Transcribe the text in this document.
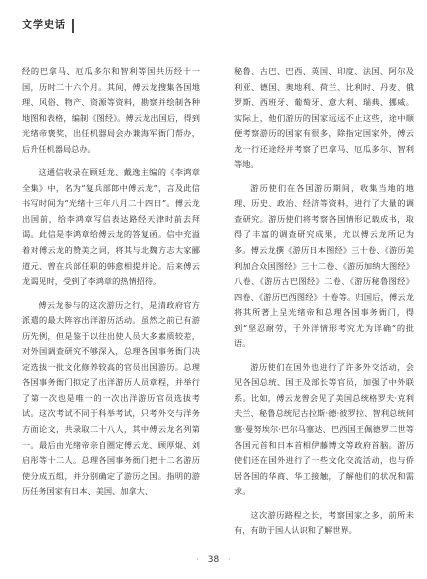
文学史话

经的巴拿马、厄瓜多尔和智利等国共历经十一国，历时二十六个月。其间，傅云龙搜集各国地理、风俗、物产、资源等资料，勘察并绘制各种地图和表格，编制《图经》。傅云龙出国后，得到光绪帝褒奖，出任机器局会办兼海军衙门帮办，后升任机器局总办。

这通信收录在顾廷龙、戴逸主编的《李鸿章全集》中，名为“复兵部郎中傅云龙”，言及此信书写时间为“光绪十三年八月二十四日”。傅云龙出国前，给李鸿章写信表达路经天津时前去拜谒。此信是李鸿章给傅云龙的答复函。信中充溢着对傅云龙的赞美之词，将其与北魏方志大家郦道元、曾在兵部任职的韩愈相提并论。后来傅云龙谒见时，受到了李鸿章的热情招待。

傅云龙参与的这次游历之行，是清政府官方派遣的最大阵容出洋游历活动。虽然之前已有游历先例，但是鉴于以往出使人员大多素质较差，对外国调查研究不够深入，总理各国事务衙门决定选拔一批文化修养较高的官员出国游历。总理各国事务衙门拟定了出洋游历人员章程，并举行了第一次也是唯一的一次出洋游历官员选拔考试。这次考试不同于科举考试，只考外交与洋务方面论文，共录取二十八人，其中傅云龙名列第一。最后由光绪帝亲自圈定傅云龙、顾厚焜、刘启彤等十二人。总理各国事务衙门把十二名游历使分成五组，并分别确定了游历之国。指明的游历任务国家有日本、美国、加拿大、

秘鲁、古巴、巴西、英国、印度、法国、阿尔及利亚、德国、奥地利、荷兰、比利时、丹麦、俄罗斯、西班牙、葡萄牙、意大利、瑞典、挪威。实际上，他们游历的国家远远不止这些，途中顺便考察游历的国家有很多，除指定国家外，傅云龙一行还途经并考察了巴拿马、厄瓜多尔、智利等地。

游历使们在各国游历期间，收集当地的地理、历史、政治、经济等资料，进行了大量的调查研究。游历使们将考察各国情形记载成书，取得了丰富的调查研究成果，尤以傅云龙所记为多。傅云龙撰《游历日本图经》三十卷、《游历美利加合众国图经》三十二卷、《游历加纳大图经》八卷、《游历古巴图经》二卷、《游历秘鲁图经》四卷、《游历巴西图经》十卷等。归国后，傅云龙将其所著上呈光绪帝和总理各国事务衙门，得到“坚忍耐劳，于外洋情形考究尤为详确”的批语。

游历使们在国外也进行了许多外交活动，会见各国总统、国王及部长等官员，加强了中外联系。比如，傅云龙曾会见了美国总统格罗夫·克利夫兰、秘鲁总统尼古拉斯·德·彼罗拉、智利总统何塞·曼努埃尔·巴尔马塞达、巴西国王佩德罗二世等各国元首和日本首相伊藤博文等政府首脑。游历使们还在国外进行了一些文化交流活动，也与侨居各国的华商、华工接触，了解他们的状况和需求。

这次游历路程之长，考察国家之多，前所未有，有助于国人认识和了解世界。

· 38 ·
